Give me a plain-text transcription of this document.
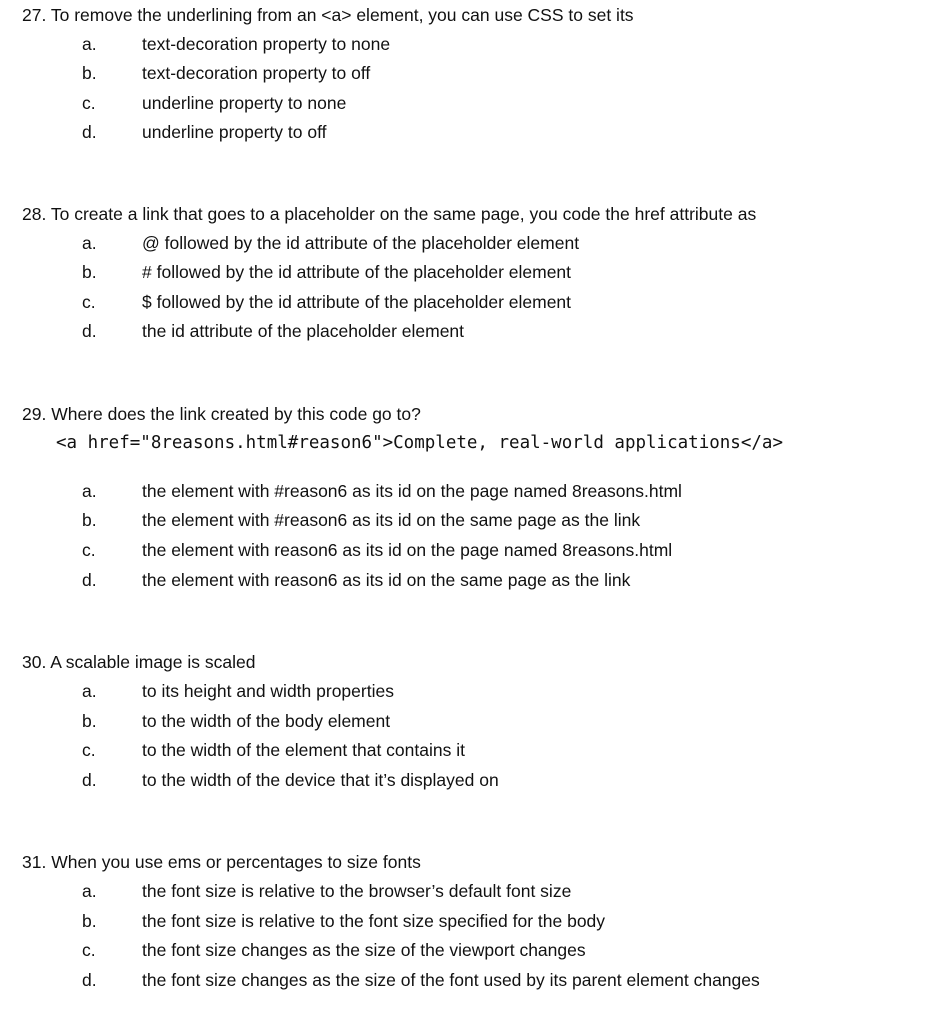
27. To remove the underlining from an <a> element, you can use CSS to set its
a.	text-decoration property to none
b.	text-decoration property to off
c.	underline property to none
d.	underline property to off
28. To create a link that goes to a placeholder on the same page, you code the href attribute as
a.	@ followed by the id attribute of the placeholder element
b.	# followed by the id attribute of the placeholder element
c.	$ followed by the id attribute of the placeholder element
d.	the id attribute of the placeholder element
29. Where does the link created by this code go to?
<a href="8reasons.html#reason6">Complete, real-world applications</a>
a.	the element with #reason6 as its id on the page named 8reasons.html
b.	the element with #reason6 as its id on the same page as the link
c.	the element with reason6 as its id on the page named 8reasons.html
d.	the element with reason6 as its id on the same page as the link
30. A scalable image is scaled
a.	to its height and width properties
b.	to the width of the body element
c.	to the width of the element that contains it
d.	to the width of the device that it’s displayed on
31. When you use ems or percentages to size fonts
a.	the font size is relative to the browser’s default font size
b.	the font size is relative to the font size specified for the body
c.	the font size changes as the size of the viewport changes
d.	the font size changes as the size of the font used by its parent element changes
